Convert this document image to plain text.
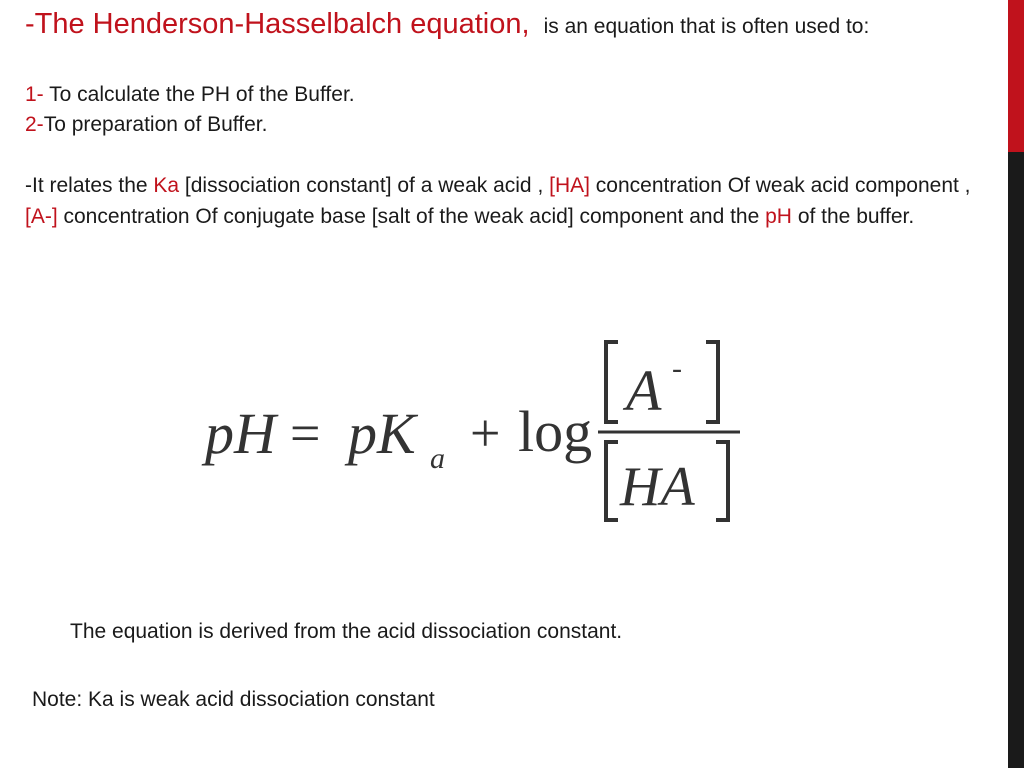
-The Henderson-Hasselbalch equation, is an equation that is often used to:
1- To calculate the PH of the Buffer.
2-To preparation of Buffer.
-It relates the Ka [dissociation constant] of a weak acid , [HA] concentration Of weak acid component , [A-] concentration Of conjugate base [salt of the weak acid] component and the pH of the buffer.
pH = pK a + log
A -
HA
The equation is derived from the acid dissociation constant.
Note: Ka is weak acid dissociation constant
